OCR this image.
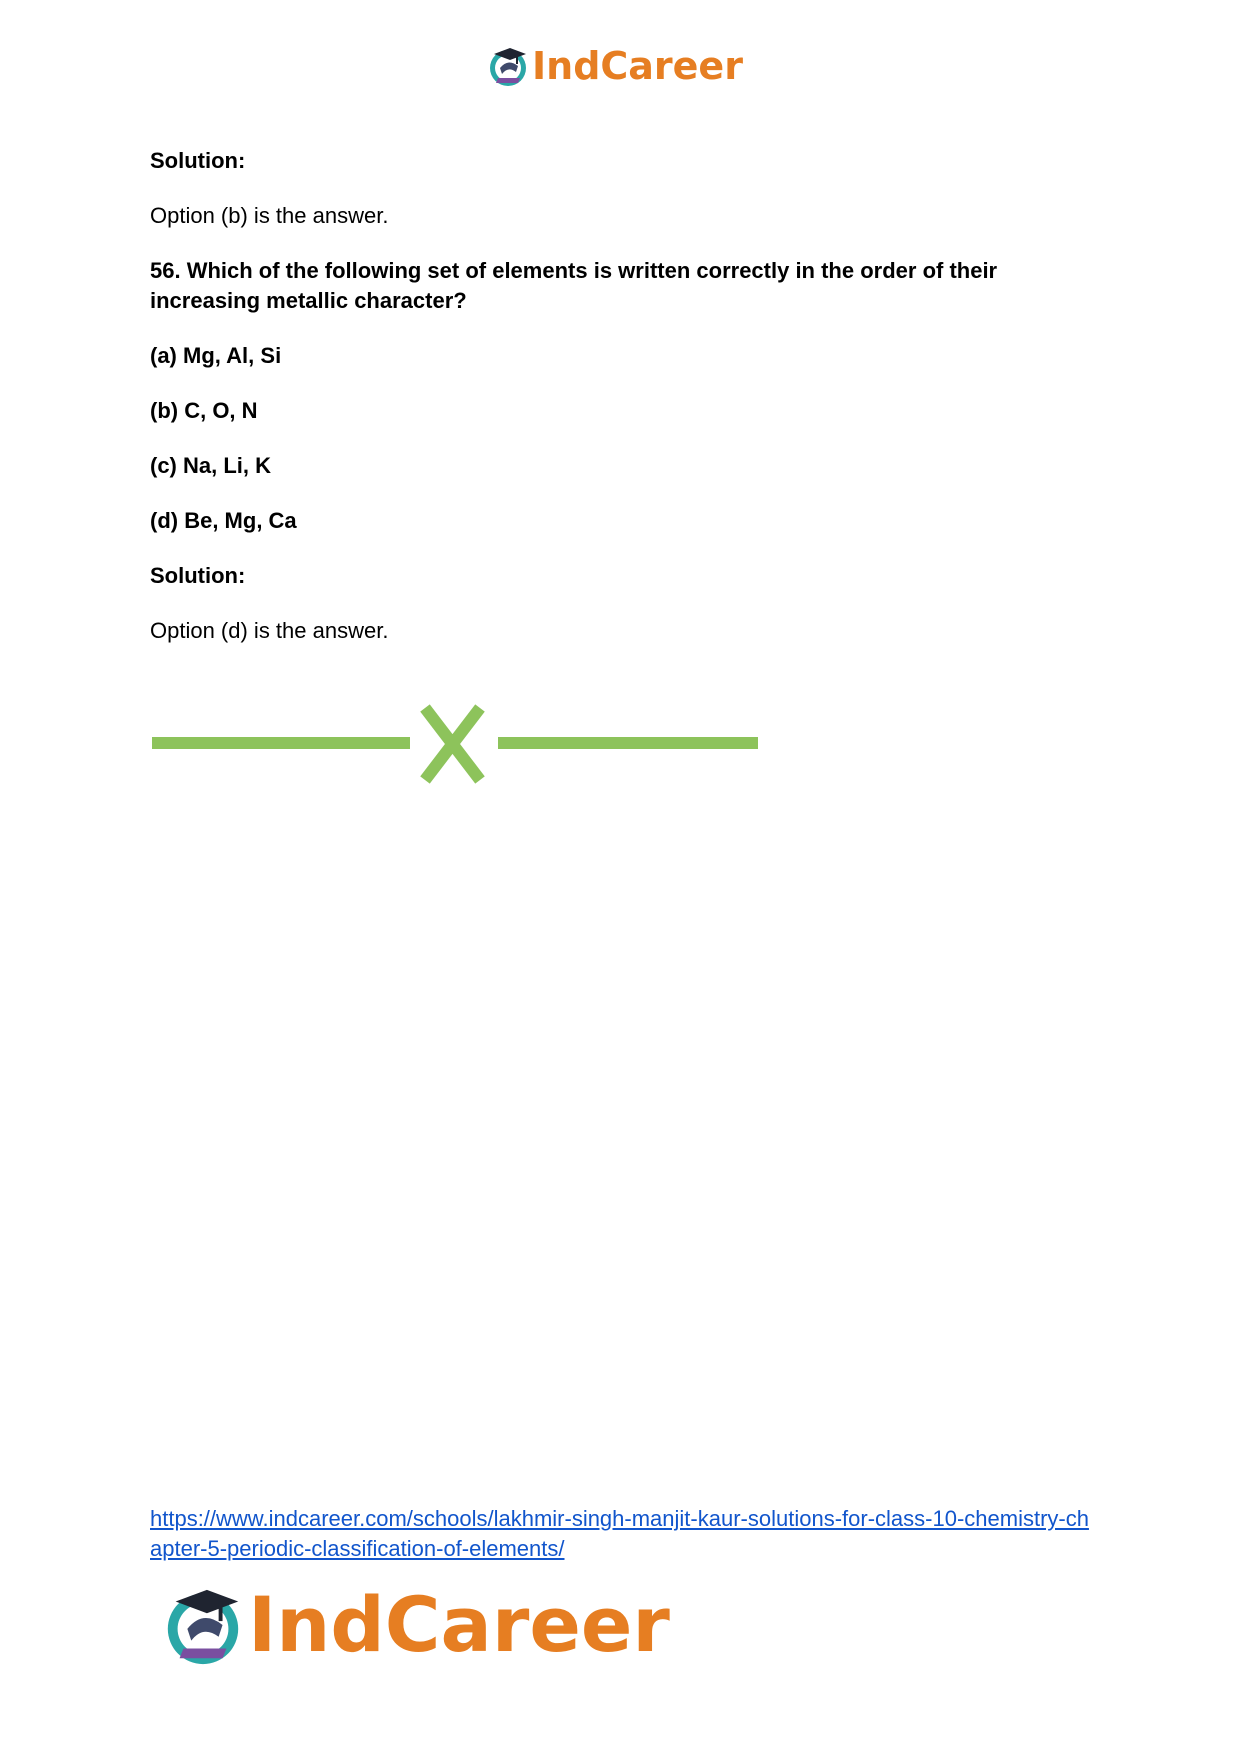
IndCareer

Solution:

Option (b) is the answer.

56. Which of the following set of elements is written correctly in the order of their increasing metallic character?

(a) Mg, Al, Si

(b) C, O, N

(c) Na, Li, K

(d) Be, Mg, Ca

Solution:

Option (d) is the answer.

https://www.indcareer.com/schools/lakhmir-singh-manjit-kaur-solutions-for-class-10-chemistry-chapter-5-periodic-classification-of-elements/
IndCareer
